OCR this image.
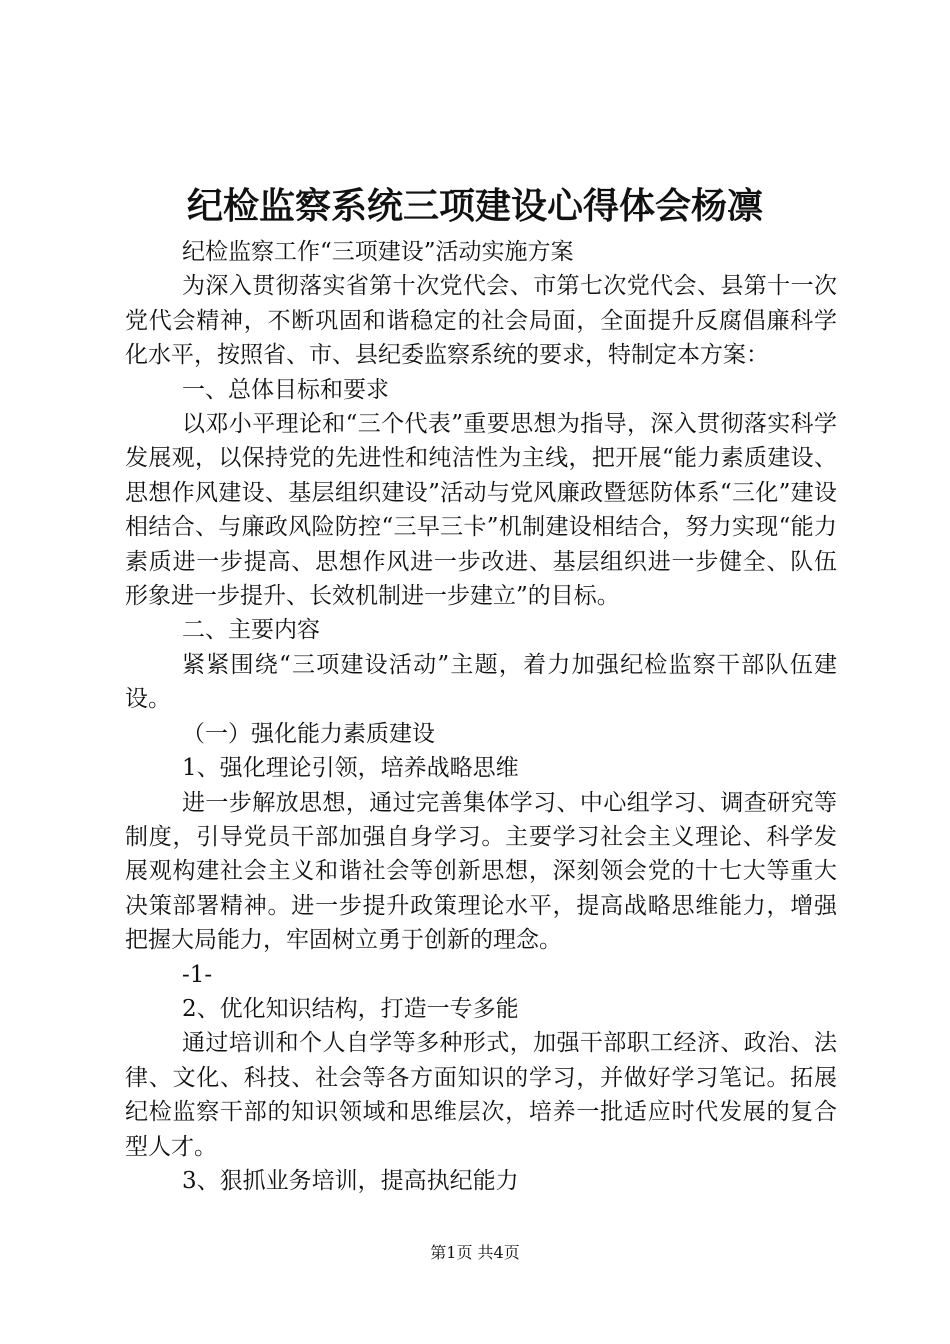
纪检监察系统三项建设心得体会杨凛

纪检监察工作“三项建设”活动实施方案

为深入贯彻落实省第十次党代会、市第七次党代会、县第十一次党代会精神，不断巩固和谐稳定的社会局面，全面提升反腐倡廉科学化水平，按照省、市、县纪委监察系统的要求，特制定本方案：

一、总体目标和要求

以邓小平理论和“三个代表”重要思想为指导，深入贯彻落实科学发展观，以保持党的先进性和纯洁性为主线，把开展“能力素质建设、思想作风建设、基层组织建设”活动与党风廉政暨惩防体系“三化”建设相结合、与廉政风险防控“三早三卡”机制建设相结合，努力实现“能力素质进一步提高、思想作风进一步改进、基层组织进一步健全、队伍形象进一步提升、长效机制进一步建立”的目标。

二、主要内容

紧紧围绕“三项建设活动”主题，着力加强纪检监察干部队伍建设。

（一）强化能力素质建设

1、强化理论引领，培养战略思维

进一步解放思想，通过完善集体学习、中心组学习、调查研究等制度，引导党员干部加强自身学习。主要学习社会主义理论、科学发展观构建社会主义和谐社会等创新思想，深刻领会党的十七大等重大决策部署精神。进一步提升政策理论水平，提高战略思维能力，增强把握大局能力，牢固树立勇于创新的理念。

-1-

2、优化知识结构，打造一专多能

通过培训和个人自学等多种形式，加强干部职工经济、政治、法律、文化、科技、社会等各方面知识的学习，并做好学习笔记。拓展纪检监察干部的知识领域和思维层次，培养一批适应时代发展的复合型人才。

3、狠抓业务培训，提高执纪能力

第1页 共4页
